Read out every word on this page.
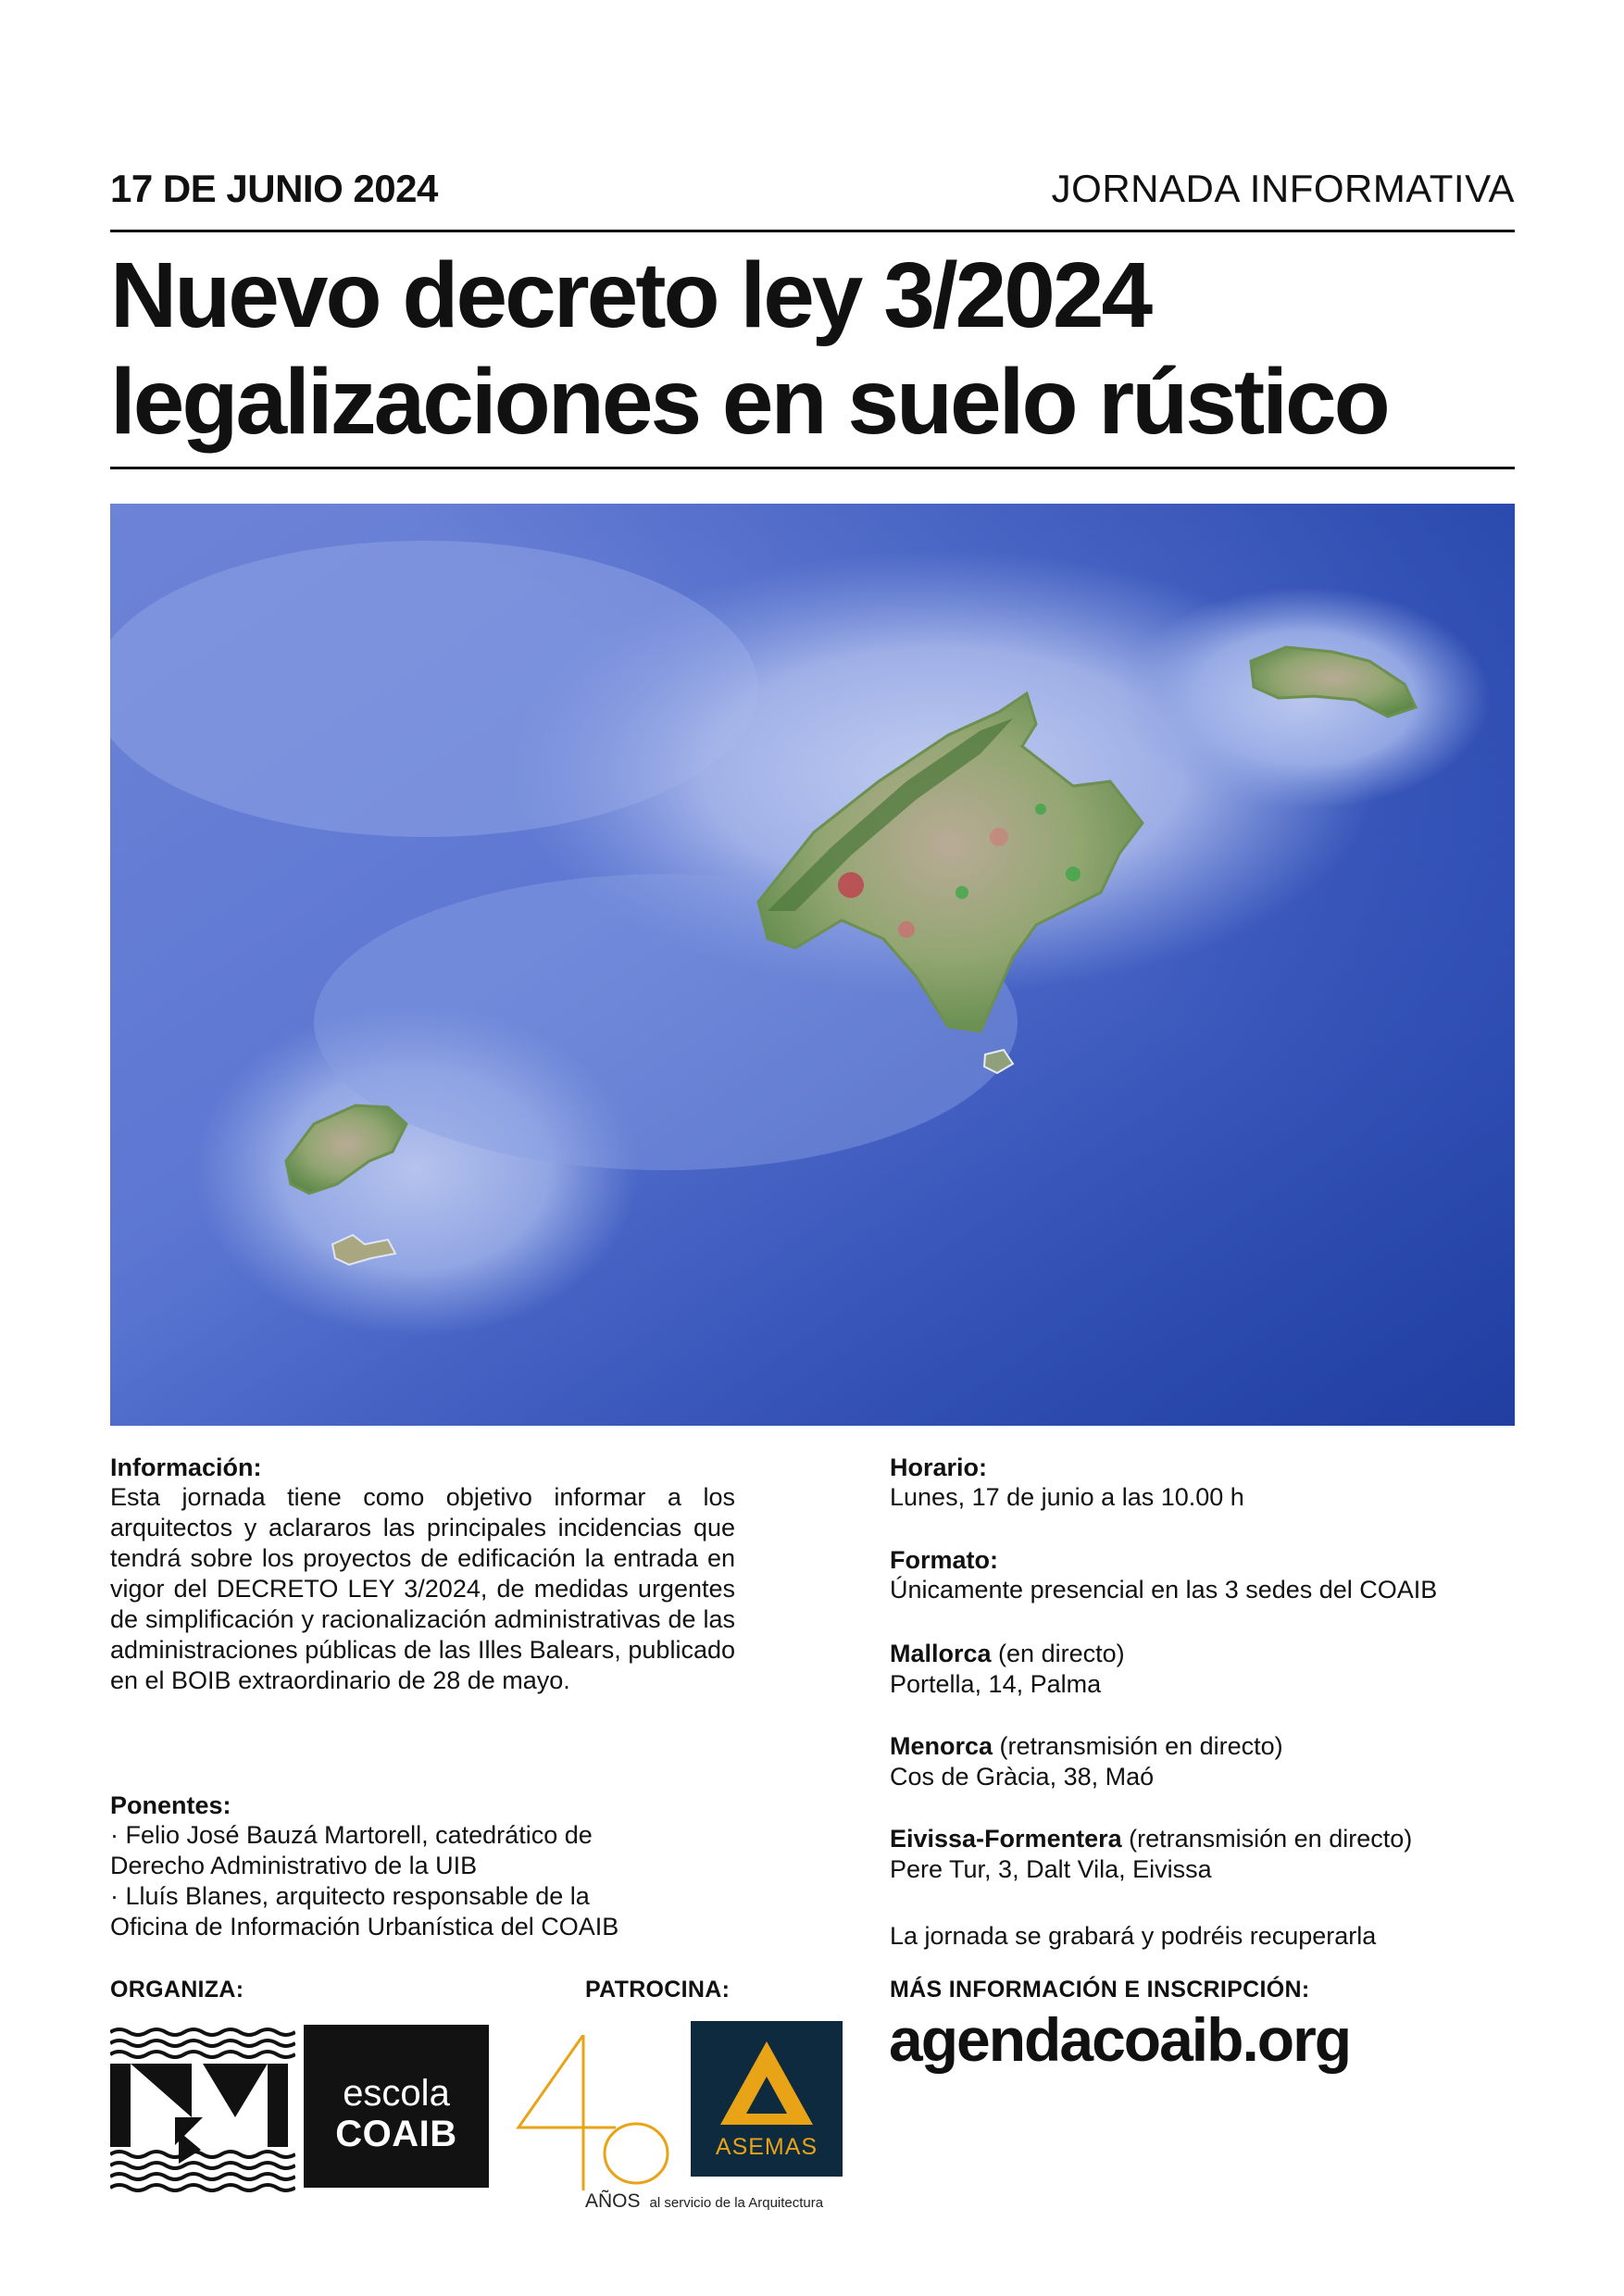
17 DE JUNIO 2024	JORNADA INFORMATIVA
Nuevo decreto ley 3/2024
legalizaciones en suelo rústico
Información:
Esta jornada tiene como objetivo informar a los arquitectos y aclararos las principales incidencias que tendrá sobre los proyectos de edificación la entrada en vigor del DECRETO LEY 3/2024, de medidas urgentes de simplificación y racionalización administrativas de las administraciones públicas de las Illes Balears, publicado en el BOIB extraordinario de 28 de mayo.
Ponentes:
· Felio José Bauzá Martorell, catedrático de
Derecho Administrativo de la UIB
· Lluís Blanes, arquitecto responsable de la
Oficina de Información Urbanística del COAIB
Horario:
Lunes, 17 de junio a las 10.00 h
Formato:
Únicamente presencial en las 3 sedes del COAIB
Mallorca (en directo)
Portella, 14, Palma
Menorca (retransmisión en directo)
Cos de Gràcia, 38, Maó
Eivissa-Formentera (retransmisión en directo)
Pere Tur, 3, Dalt Vila, Eivissa
La jornada se grabará y podréis recuperarla
ORGANIZA:	PATROCINA:	MÁS INFORMACIÓN E INSCRIPCIÓN:
agendacoaib.org
escola
COAIB
AÑOS al servicio de la Arquitectura
ASEMAS
